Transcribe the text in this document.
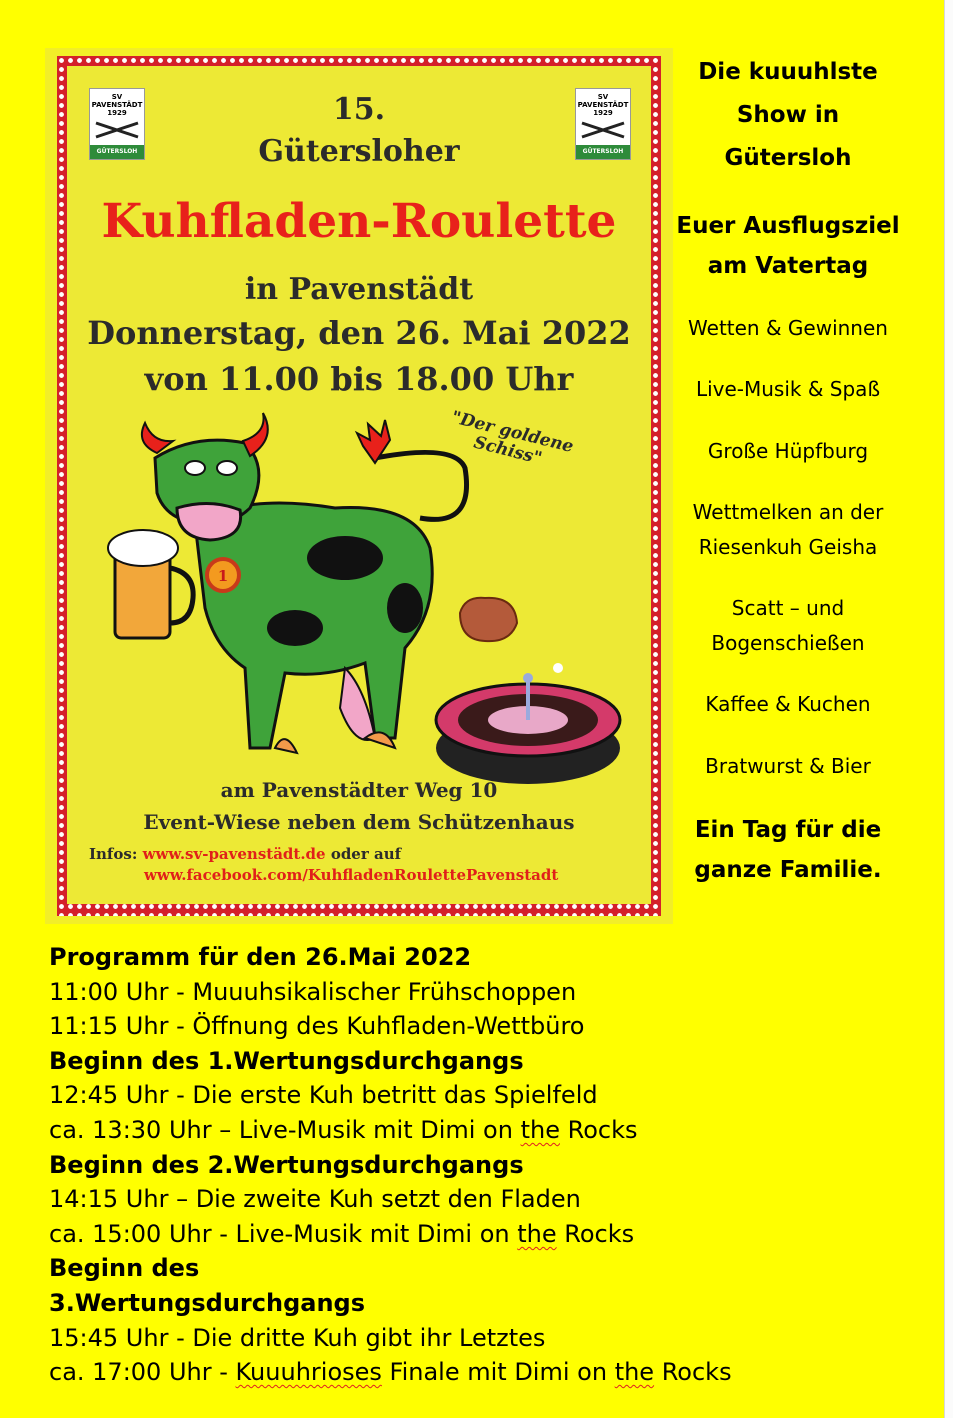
SV PAVENSTÄDT
1929
GÜTERSLOH
SV PAVENSTÄDT
1929
GÜTERSLOH
15.
Gütersloher
Kuhfladen-Roulette
in Pavenstädt
Donnerstag, den 26. Mai 2022
von 11.00 bis 18.00 Uhr
"Der goldene Schiss"
1
am Pavenstädter Weg 10
Event-Wiese neben dem Schützenhaus
Infos: www.sv-pavenstädt.de oder auf
www.facebook.com/KuhfladenRoulettePavenstadt
Die kuuuhlste
Show in
Gütersloh
Euer Ausflugsziel
am Vatertag
Wetten & Gewinnen
Live-Musik & Spaß
Große Hüpfburg
Wettmelken an der
Riesenkuh Geisha
Scatt – und
Bogenschießen
Kaffee & Kuchen
Bratwurst & Bier
Ein Tag für die
ganze Familie.
Programm für den 26.Mai 2022
11:00 Uhr - Muuuhsikalischer Frühschoppen
11:15 Uhr - Öffnung des Kuhfladen-Wettbüro
Beginn des 1.Wertungsdurchgangs
12:45 Uhr - Die erste Kuh betritt das Spielfeld
ca. 13:30 Uhr – Live-Musik mit Dimi on the Rocks
Beginn des 2.Wertungsdurchgangs
14:15 Uhr – Die zweite Kuh setzt den Fladen
ca. 15:00 Uhr - Live-Musik mit Dimi on the Rocks
Beginn des
3.Wertungsdurchgangs
15:45 Uhr - Die dritte Kuh gibt ihr Letztes
ca. 17:00 Uhr - Kuuuhrioses Finale mit Dimi on the Rocks
